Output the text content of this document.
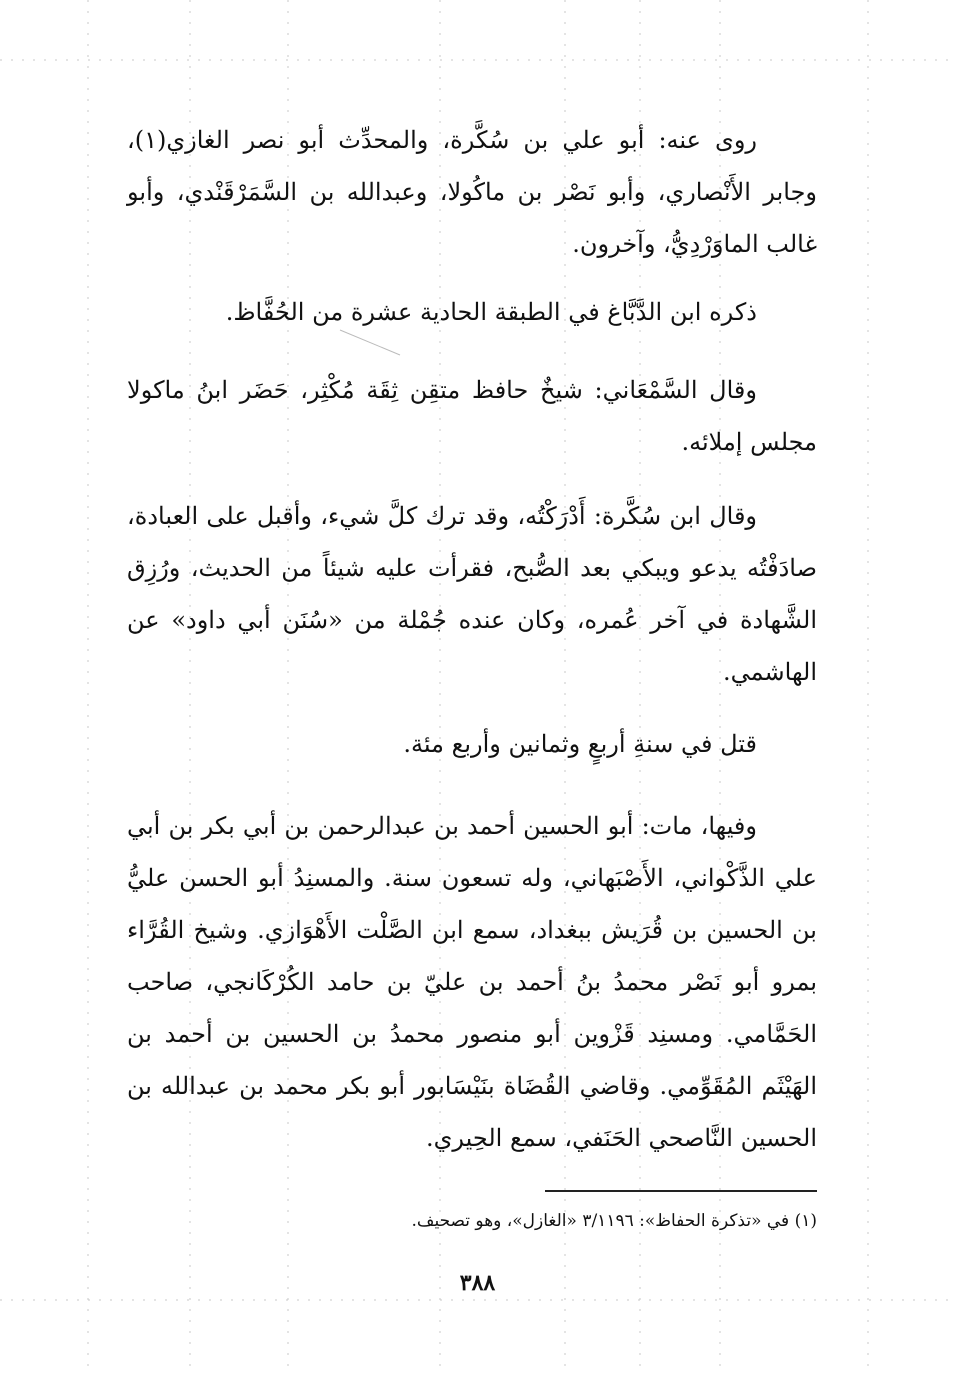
روى عنه: أبو علي بن سُكَّرة، والمحدِّث أبو نصر الغازي(١)، وجابر الأَنْصاري، وأبو نَصْر بن ماكُولا، وعبدالله بن السَّمَرْقَنْدي، وأبو غالب الماوَرْدِيُّ، وآخرون.

ذكره ابن الدَّبَّاغ في الطبقة الحادية عشرة من الحُفَّاظ.

وقال السَّمْعَاني: شيخٌ حافظ متقِن ثِقَة مُكْثِر، حَضَر ابنُ ماكولا مجلس إملائه.

وقال ابن سُكَّرة: أَدْرَكْتُه، وقد ترك كلَّ شيء، وأقبل على العبادة، صادَفْتُه يدعو ويبكي بعد الصُّبح، فقرأت عليه شيئاً من الحديث، ورُزِق الشَّهادة في آخر عُمره، وكان عنده جُمْلة من «سُنَن أبي داود» عن الهاشمي.

قتل في سنةِ أربعٍ وثمانين وأربع مئة.

وفيها، مات: أبو الحسين أحمد بن عبدالرحمن بن أبي بكر بن أبي علي الذَّكْواني، الأَصْبَهاني، وله تسعون سنة. والمسنِدُ أبو الحسن عليُّ بن الحسين بن قُرَيش ببغداد، سمع ابن الصَّلْت الأَهْوَازي. وشيخ القُرَّاء بمرو أبو نَصْر محمدُ بنُ أحمد بن عليّ بن حامد الكُرْكَانجي، صاحب الحَمَّامي. ومسنِد قَزْوين أبو منصور محمدُ بن الحسين بن أحمد بن الهَيْثَم المُقَوِّمي. وقاضي القُضَاة بنَيْسَابور أبو بكر محمد بن عبدالله بن الحسين النَّاصحي الحَنَفي، سمع الحِيري.

(١) في «تذكرة الحفاظ»: ٣/١١٩٦ «الغازل»، وهو تصحيف.

٣٨٨
